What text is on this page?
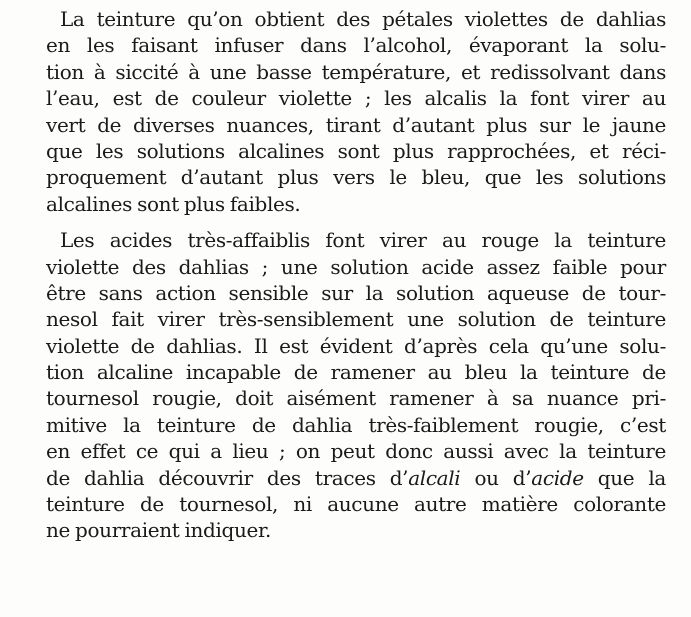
La teinture qu’on obtient des pétales violettes de dahlias
en les faisant infuser dans l’alcohol, évaporant la solu-
tion à siccité à une basse température, et redissolvant dans
l’eau, est de couleur violette ; les alcalis la font virer au
vert de diverses nuances, tirant d’autant plus sur le jaune
que les solutions alcalines sont plus rapprochées, et réci-
proquement d’autant plus vers le bleu, que les solutions
alcalines sont plus faibles.
Les acides très-affaiblis font virer au rouge la teinture
violette des dahlias ; une solution acide assez faible pour
être sans action sensible sur la solution aqueuse de tour-
nesol fait virer très-sensiblement une solution de teinture
violette de dahlias. Il est évident d’après cela qu’une solu-
tion alcaline incapable de ramener au bleu la teinture de
tournesol rougie, doit aisément ramener à sa nuance pri-
mitive la teinture de dahlia très-faiblement rougie, c’est
en effet ce qui a lieu ; on peut donc aussi avec la teinture
de dahlia découvrir des traces d’alcali ou d’acide que la
teinture de tournesol, ni aucune autre matière colorante
ne pourraient indiquer.
